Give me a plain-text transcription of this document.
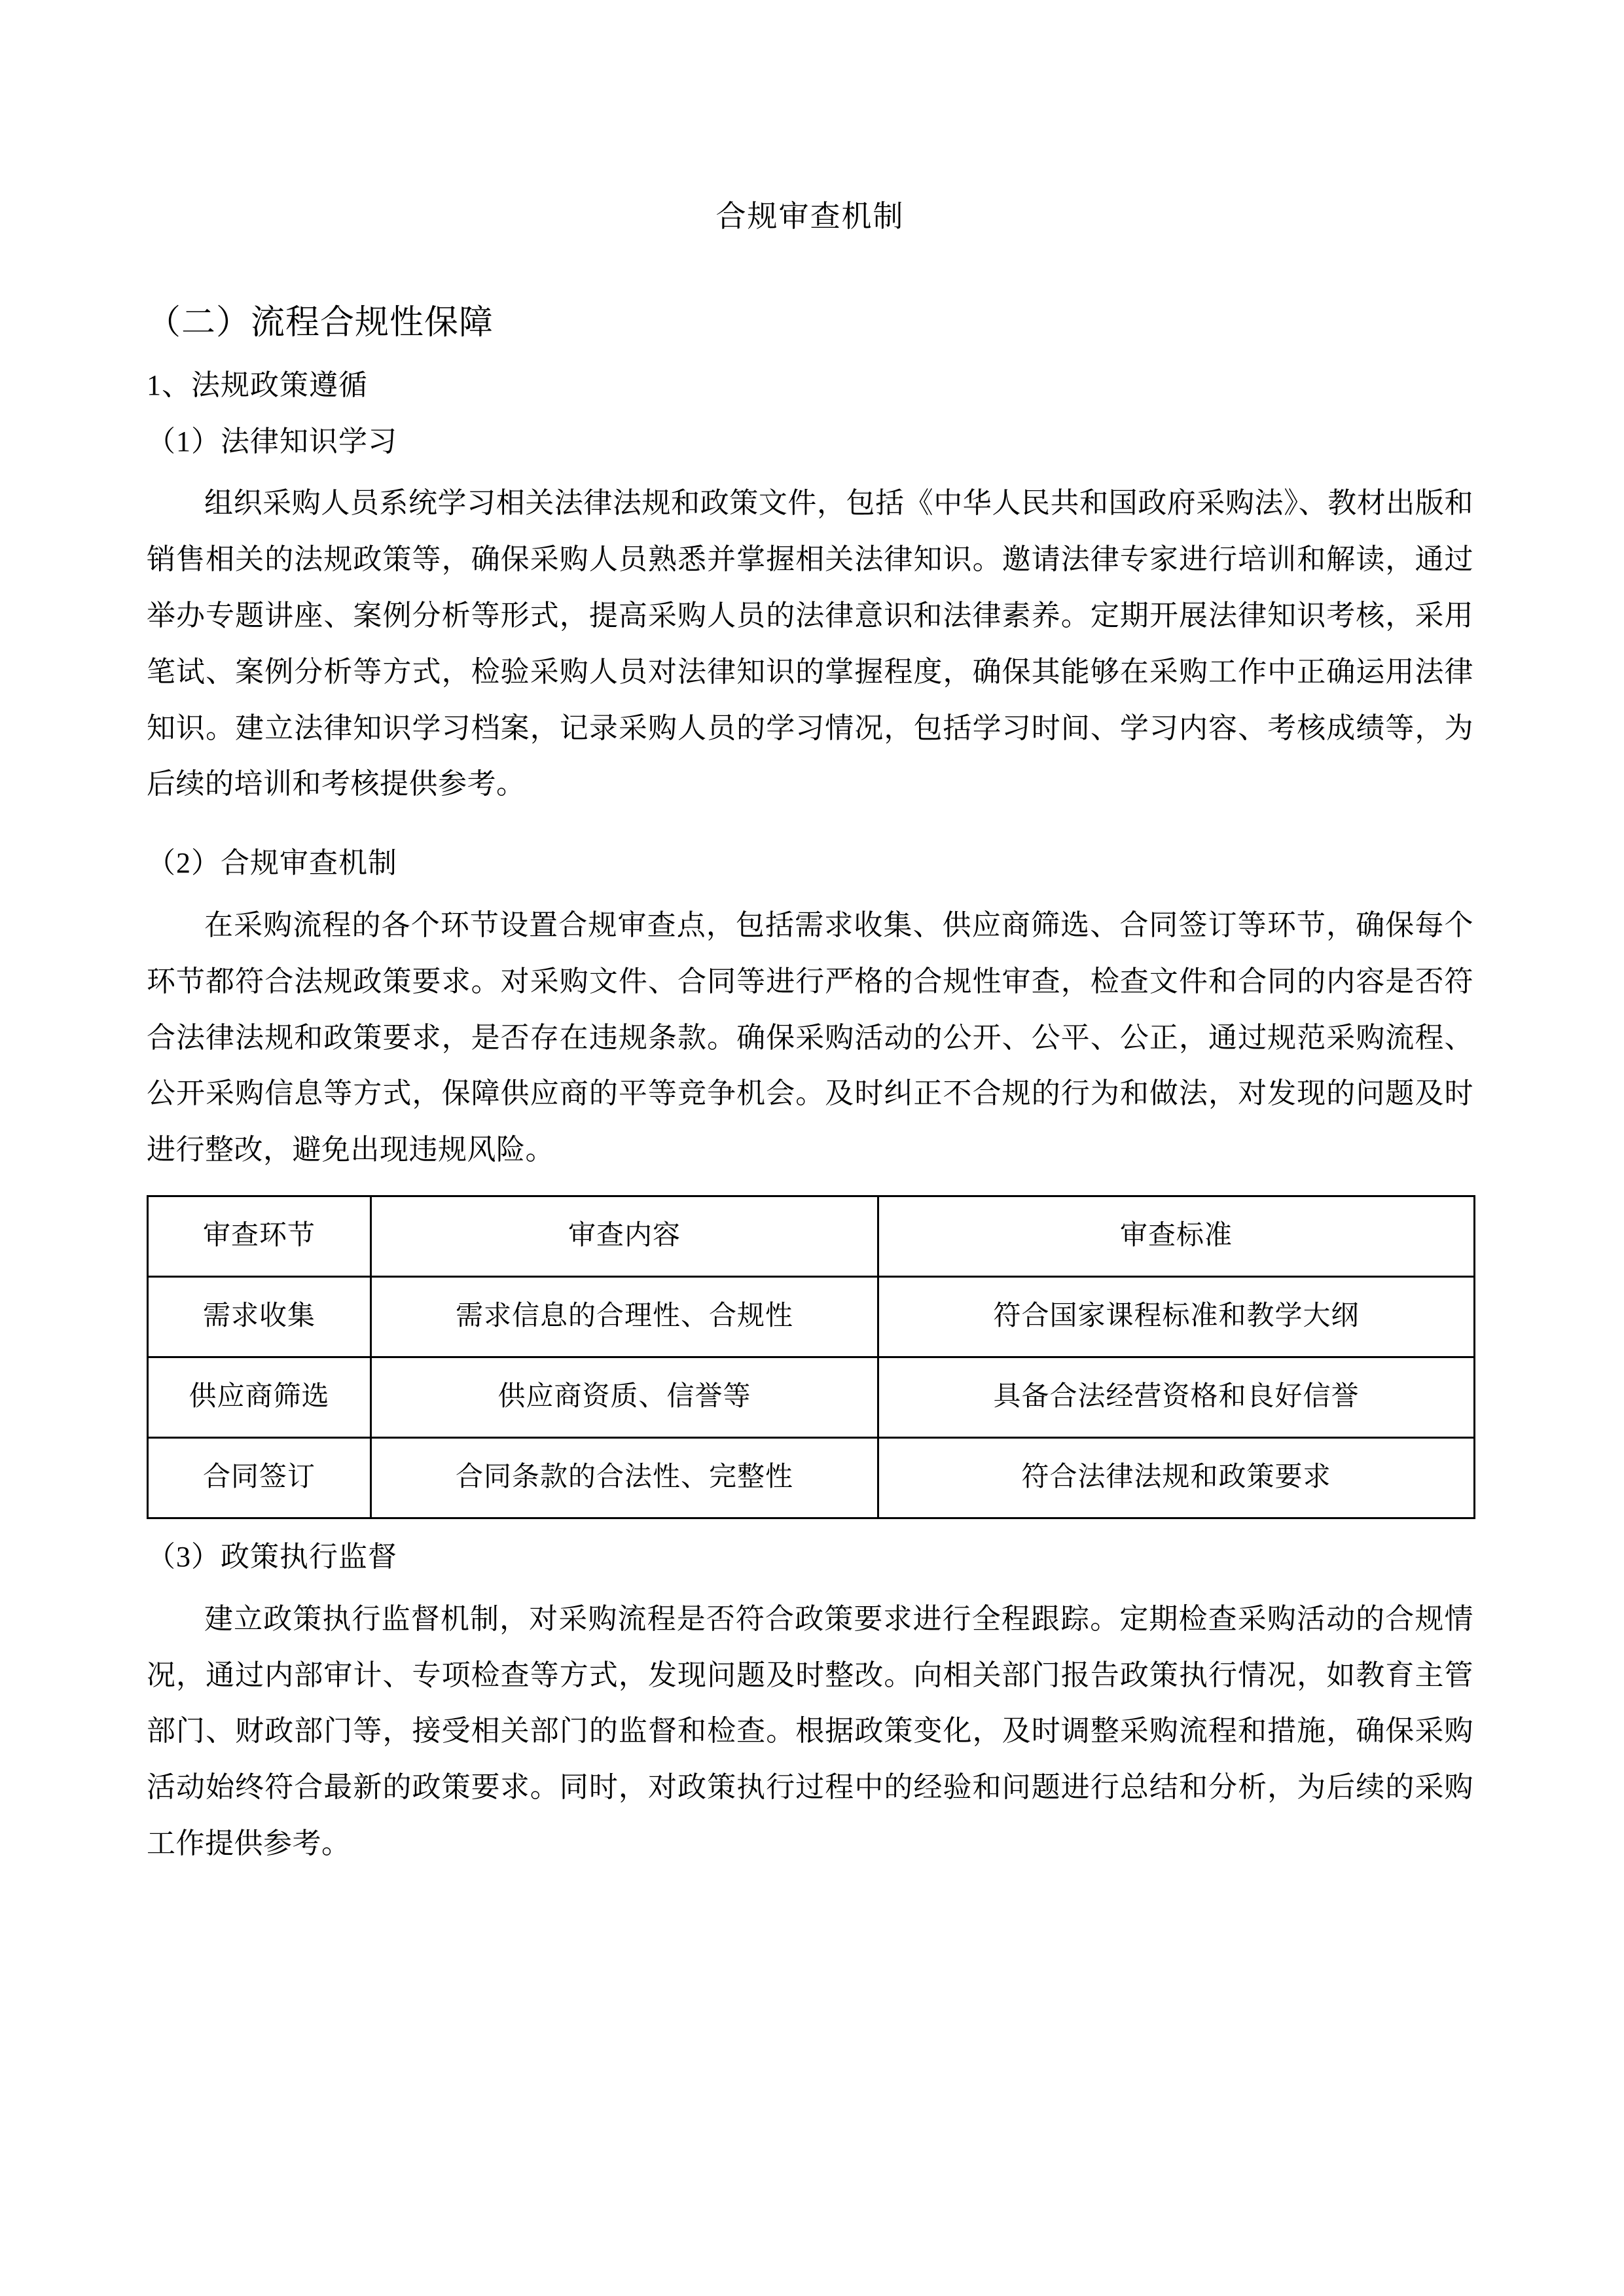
合规审查机制
（二）流程合规性保障
1、法规政策遵循
（1）法律知识学习

组织采购人员系统学习相关法律法规和政策文件，包括《中华人民共和国政府采购法》、教材出版和销售相关的法规政策等，确保采购人员熟悉并掌握相关法律知识。邀请法律专家进行培训和解读，通过举办专题讲座、案例分析等形式，提高采购人员的法律意识和法律素养。定期开展法律知识考核，采用笔试、案例分析等方式，检验采购人员对法律知识的掌握程度，确保其能够在采购工作中正确运用法律知识。建立法律知识学习档案，记录采购人员的学习情况，包括学习时间、学习内容、考核成绩等，为后续的培训和考核提供参考。

（2）合规审查机制

在采购流程的各个环节设置合规审查点，包括需求收集、供应商筛选、合同签订等环节，确保每个环节都符合法规政策要求。对采购文件、合同等进行严格的合规性审查，检查文件和合同的内容是否符合法律法规和政策要求，是否存在违规条款。确保采购活动的公开、公平、公正，通过规范采购流程、公开采购信息等方式，保障供应商的平等竞争机会。及时纠正不合规的行为和做法，对发现的问题及时进行整改，避免出现违规风险。

审查环节	审查内容	审查标准
需求收集	需求信息的合理性、合规性	符合国家课程标准和教学大纲
供应商筛选	供应商资质、信誉等	具备合法经营资格和良好信誉
合同签订	合同条款的合法性、完整性	符合法律法规和政策要求
（3）政策执行监督

建立政策执行监督机制，对采购流程是否符合政策要求进行全程跟踪。定期检查采购活动的合规情况，通过内部审计、专项检查等方式，发现问题及时整改。向相关部门报告政策执行情况，如教育主管部门、财政部门等，接受相关部门的监督和检查。根据政策变化，及时调整采购流程和措施，确保采购活动始终符合最新的政策要求。同时，对政策执行过程中的经验和问题进行总结和分析，为后续的采购工作提供参考。
